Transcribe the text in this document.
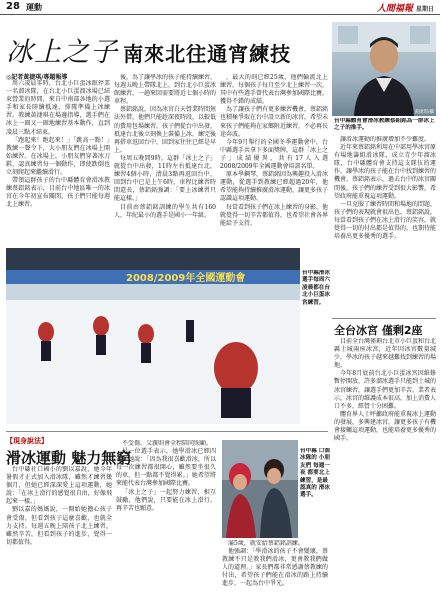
28 運動	人間福報 星期日
冰上之子 南來北往通宵練技
◎記者黃捷琪/專題報導
黃捷琪/攝
台中縣體育會滑冰教練蔡鋁銘為一群冰上之子的推手。

周六凌晨零時，台北小巨蛋冰館停業一名溜冰隊，在台北小巨蛋溜冰場已結束營業的時間，來自中南部各地的小選手和家長陸續抵達，排隊準備上冰練習。教練黃捷琪在場邊指導，選手們在冰上一圈又一圈地練習基本動作，直到凌晨三點才結束。

「跑起來！跑起來！」「跳高一點！」教練一聲令下，大小朋友們在冰場上開始練習。在冰場上，小朋友們穿著冰刀鞋，認真練習每一個動作，即使跌倒也立刻爬起來繼續滑行。

帶領這群孩子的台中縣體育會滑冰教練蔡鋁銘表示，目前台中地區唯一的冰宮在今年初宣布關閉，孩子們只能每週北上練習。

後，為了讓學冰的孩子能持續練習，每週五晚上帶隊北上，到台北小巨蛋冰館練習，一趟來回需要將近七個小時的車程。

蔡鋁銘說，因為冰宮白天營業時間無法外借，他們只能趁深夜時段，以較低的費用包場練習。孩子們從台中出發，抵達台北後立刻換上裝備上冰，練完後再搭車返回台中，回到家往往已經是早上。

每周五晚間9時，這群「冰上之子」就從台中出發，11時左右抵達台北，練習4個小時，清晨3點再返回台中，回到台中已是上午6時，車程比練習時間還長，蔡鋁銘強調：「要上冰練習只能這樣。」

目前由蔡鋁銘訓練的學生共有160人，年紀最小的選手是國小一年級。

，最大的則已經25歲，他們輪流北上練習，每個孩子每月至少北上練習一次，其中有些選手曾代表台灣參加國際比賽，獲得不錯的成績。

為了讓孩子們有更多練習機會，蔡鋁銘也積極爭取在台中設立新的冰宮，希望未來孩子們能夠在家鄉附近練習，不必再長途奔波。

今年9月舉行的全國冬季運動會中，台中縣選手共拿下多面獎牌，這群「冰上之子」成績優異，共有17人入選2008/2009年全國運動會培訓名單。

原本學鋼琴，蔡鋁銘因為興趣投入滑冰運動，從選手到教練已經超過20年，他希望能夠持續推廣滑冰運動，讓更多孩子認識這項運動。

每當看到孩子們在冰上練習的身影，他就覺得一切辛苦都值得，也希望社會各界能給予支持。

讓滑冰運動的推廣增加不少難度。

近年來蔡鋁銘利用在中部用學冰宮原有場地籌組滑冰隊，成立青少年溜冰隊，台中縣體育會支持這支隊伍的運作，讓學冰的孩子能在台中找到練習的機會。蔡鋁銘表示，過去台中的冰宮關閉後，孩子們的練習受到很大影響，希望政府能重視這項運動。

一旦克服了練習時間和場地的問題，孩子們的表現就會很出色，蔡鋁銘說，每當看到孩子們在冰上滑行的笑容，就覺得一切的付出都是值得的，也期待能培養出更多優秀的選手。

2008/2009年全國運動會	台中縣滑冰選手每周六凌晨都在台北小巨蛋冰宮練習。
全台冰宮 僅剩2座

目前全台灣僅剩台北市小巨蛋和台北縣土城兩座冰宮，近年因冰宮數量減少，學冰的孩子越來越難找到練習的場地。

今年8月底前台北小巨蛋冰宮因維修暫停開放，許多溜冰選手只能到土城的冰宮練習，讓選手們更加辛苦。業者表示，冰宮的維護成本很高，加上消費人口不多，經營十分困難。

體育界人士呼籲政府能重視冰上運動的發展，多興建冰宮，讓更多孩子有機會接觸這項運動，也能培養更多優秀的國手。

【現身說法】
滑冰運動 魅力無窮

台中縣社口國小的劉以嘉說，她今年暑假才正式加入滑冰隊，雖然才練習幾個月，但她已經深深愛上這項運動，她說：「在冰上滑行的感覺很自由，好像飛起來一樣。」

劉以嘉的媽媽說，一開始她擔心孩子會受傷，但看到孩子這麼喜歡，也就全力支持。每週五晚上陪孩子北上練習，雖然辛苦，但看到孩子的進步，覺得一切都值得。

不受傷，父親則會全程陪同照顧。

另一位選手表示，她學滑冰已經四年，她說：「因為我很喜歡滑冰，所以每一次練習都很開心，雖然要坐很久的車，但一點都不覺得累。」她希望將來能代表台灣參加國際比賽。

「冰上之子」一起努力練習，相互鼓勵，他們說，只要能在冰上滑行，再辛苦也願意。

台中縣 口溜冰隊的 小朋友們 每週一夜 都要北上 練習，是最 認真的 滑冰選手。

滿5歲，就安給蔡鋁銘訓練。

他強調：「學滑冰的孩子不會變壞，蔡教練不只是教我們滑冰，更會教我們做人的道理。」家長們都非常感謝蔡教練的付出，希望孩子們能在滑冰的路上持續進步，一起為台中爭光。
